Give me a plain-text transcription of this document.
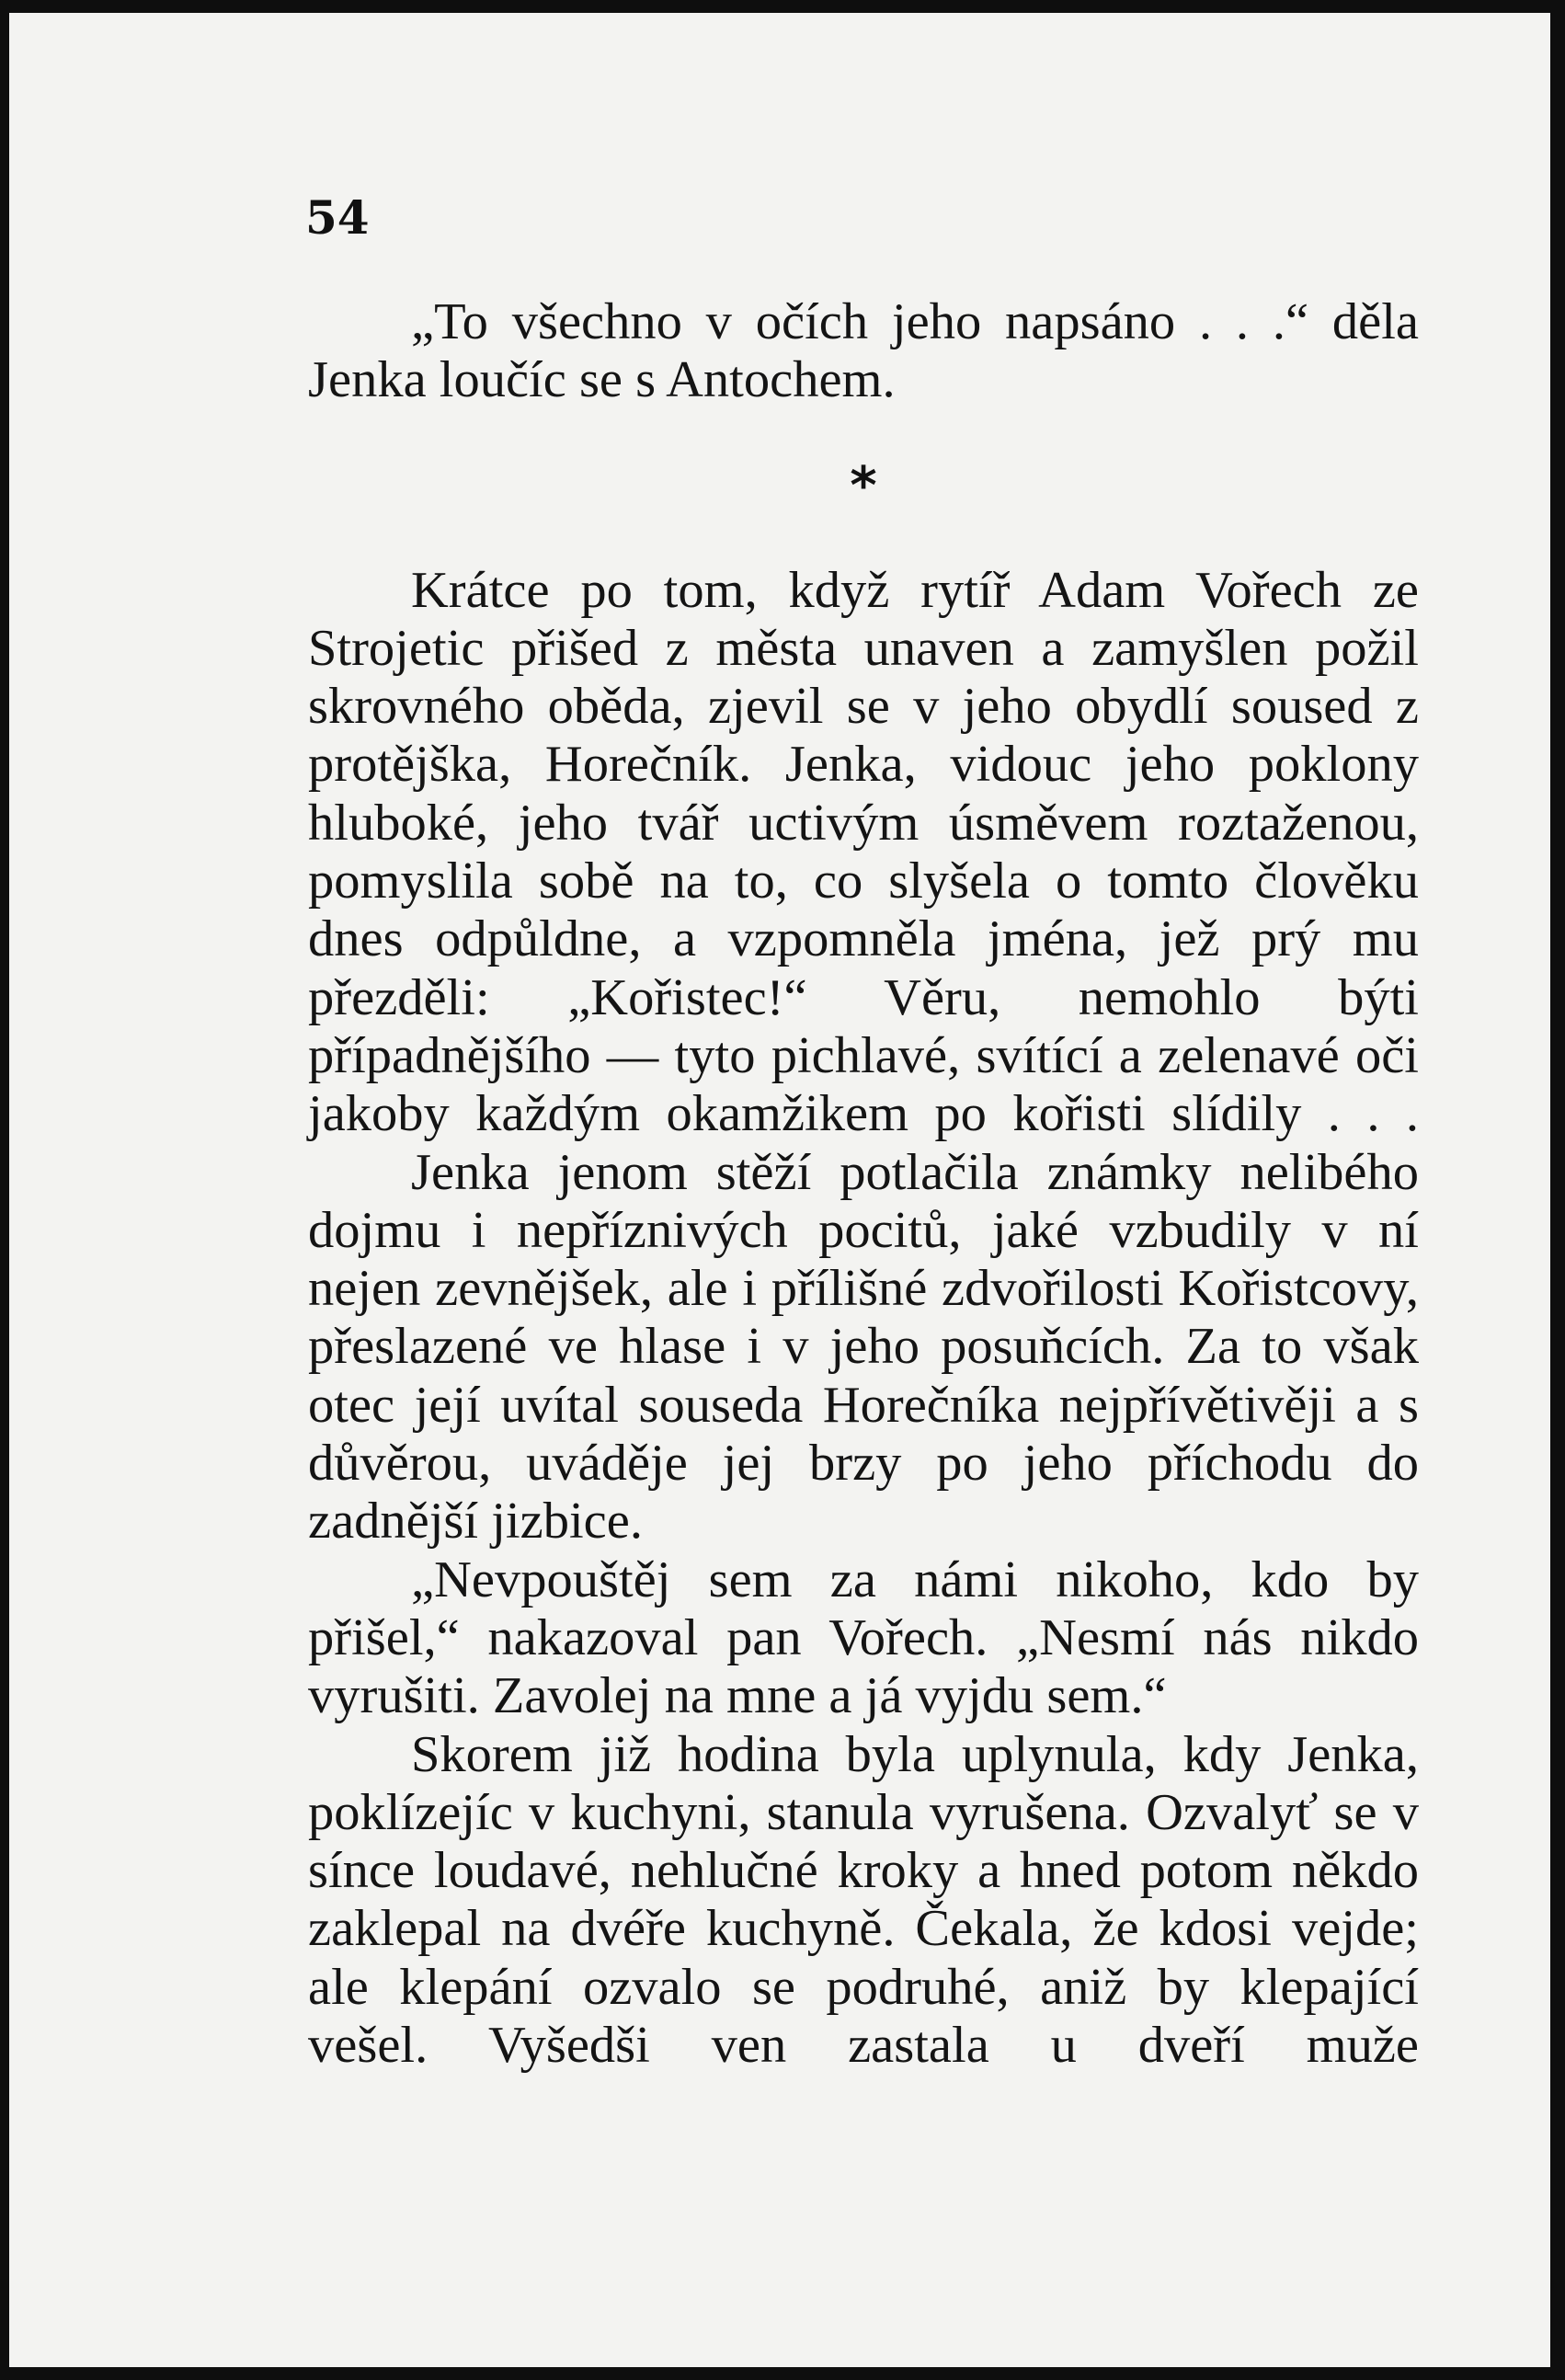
54

„To všechno v očích jeho napsáno . . .“ děla Jenka loučíc se s Antochem.

*

Krátce po tom, když rytíř Adam Vořech ze Strojetic přišed z města unaven a zamyšlen požil skrovného oběda, zjevil se v jeho obydlí soused z protějška, Horečník. Jenka, vidouc jeho poklony hluboké, jeho tvář uctivým úsměvem roztaženou, pomyslila sobě na to, co slyšela o tomto člověku dnes odpůldne, a vzpomněla jména, jež prý mu přezděli: „Kořistec!“ Věru, nemohlo býti případnějšího — tyto pichlavé, svítící a zelenavé oči jakoby každým okamžikem po kořisti slídily . . .

Jenka jenom stěží potlačila známky nelibého dojmu i nepříznivých pocitů, jaké vzbudily v ní nejen zevnějšek, ale i přílišné zdvořilosti Kořistcovy, přeslazené ve hlase i v jeho posuňcích. Za to však otec její uvítal souseda Horečníka nejpřívětivěji a s důvěrou, uváděje jej brzy po jeho příchodu do zadnější jizbice.

„Nevpouštěj sem za námi nikoho, kdo by přišel,“ nakazoval pan Vořech. „Nesmí nás nikdo vyrušiti. Zavolej na mne a já vyjdu sem.“

Skorem již hodina byla uplynula, kdy Jenka, poklízejíc v kuchyni, stanula vyrušena. Ozvalyť se v sínce loudavé, nehlučné kroky a hned potom někdo zaklepal na dvéře kuchyně. Čekala, že kdosi vejde; ale klepání ozvalo se podruhé, aniž by klepající vešel. Vyšedši ven zastala u dveří muže
